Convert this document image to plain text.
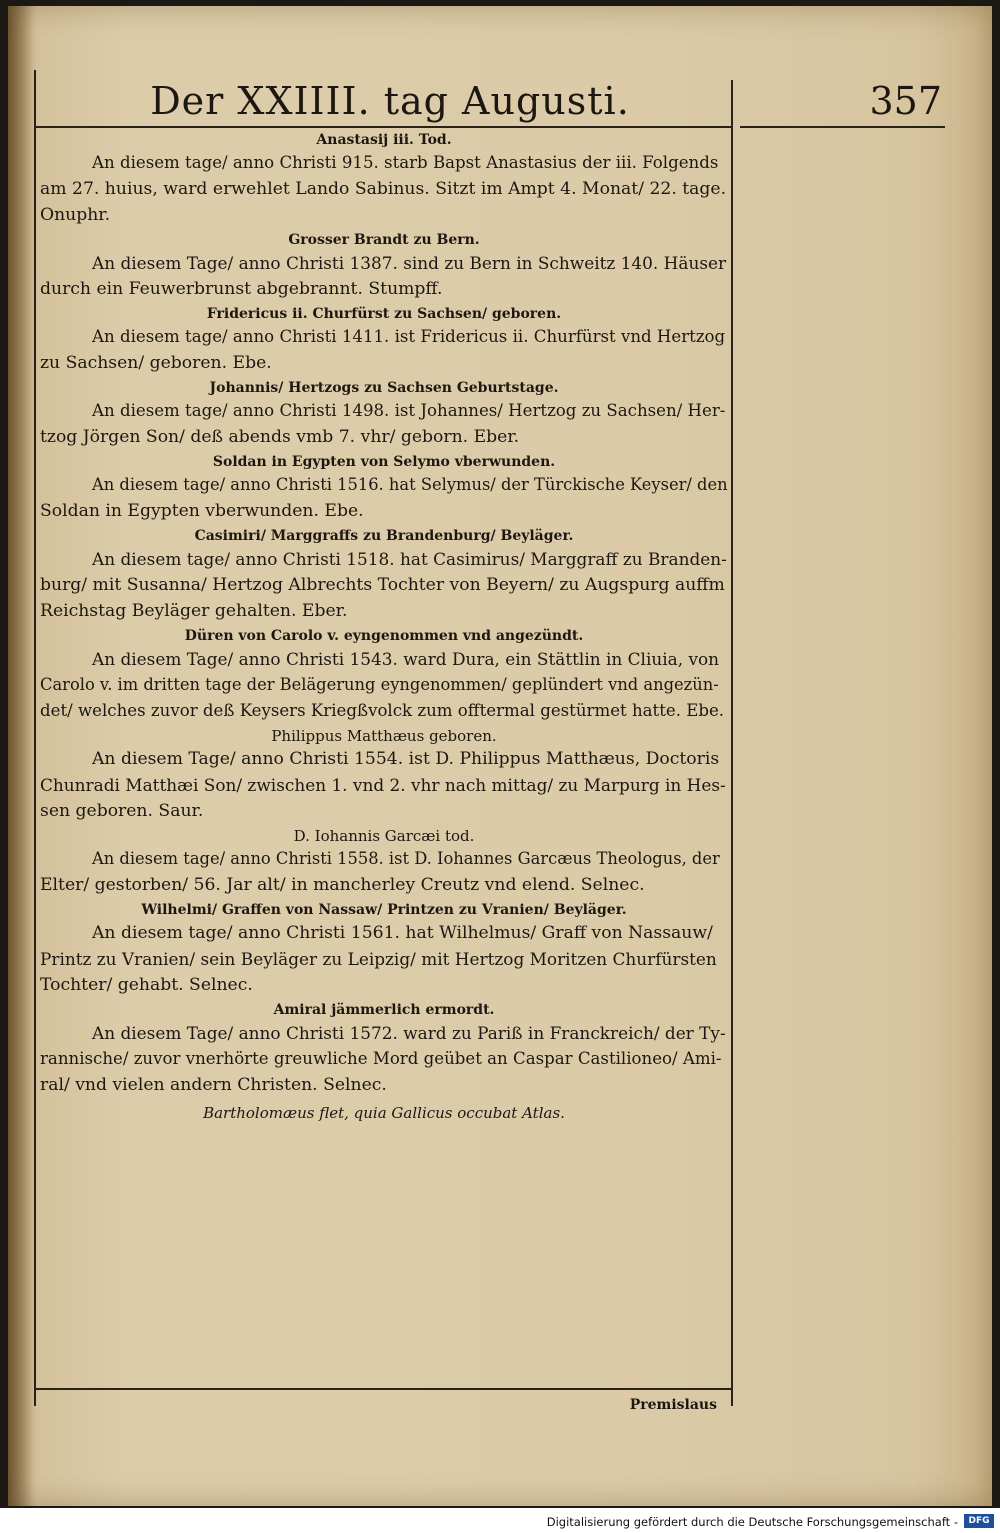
Der XXIIII. tag Augusti.	357
Anastasij iii. Tod.
An diesem tage/ anno Christi 915. starb Bapst Anastasius der iii. Folgends
am 27. huius, ward erwehlet Lando Sabinus. Sitzt im Ampt 4. Monat/ 22. tage.
Onuphr.
Grosser Brandt zu Bern.
An diesem Tage/ anno Christi 1387. sind zu Bern in Schweitz 140. Häuser
durch ein Feuwerbrunst abgebrannt. Stumpff.
Fridericus ii. Churfürst zu Sachsen/ geboren.
An diesem tage/ anno Christi 1411. ist Fridericus ii. Churfürst vnd Hertzog
zu Sachsen/ geboren. Ebe.
Johannis/ Hertzogs zu Sachsen Geburtstage.
An diesem tage/ anno Christi 1498. ist Johannes/ Hertzog zu Sachsen/ Her-
tzog Jörgen Son/ deß abends vmb 7. vhr/ geborn. Eber.
Soldan in Egypten von Selymo vberwunden.
An diesem tage/ anno Christi 1516. hat Selymus/ der Türckische Keyser/ den
Soldan in Egypten vberwunden. Ebe.
Casimiri/ Marggraffs zu Brandenburg/ Beyläger.
An diesem tage/ anno Christi 1518. hat Casimirus/ Marggraff zu Branden-
burg/ mit Susanna/ Hertzog Albrechts Tochter von Beyern/ zu Augspurg auffm
Reichstag Beyläger gehalten. Eber.
Düren von Carolo v. eyngenommen vnd angezündt.
An diesem Tage/ anno Christi 1543. ward Dura, ein Stättlin in Cliuia, von
Carolo v. im dritten tage der Belägerung eyngenommen/ geplündert vnd angezün-
det/ welches zuvor deß Keysers Kriegßvolck zum offtermal gestürmet hatte. Ebe.
Philippus Matthæus geboren.
An diesem Tage/ anno Christi 1554. ist D. Philippus Matthæus, Doctoris
Chunradi Matthæi Son/ zwischen 1. vnd 2. vhr nach mittag/ zu Marpurg in Hes-
sen geboren. Saur.
D. Iohannis Garcæi tod.
An diesem tage/ anno Christi 1558. ist D. Iohannes Garcæus Theologus, der
Elter/ gestorben/ 56. Jar alt/ in mancherley Creutz vnd elend. Selnec.
Wilhelmi/ Graffen von Nassaw/ Printzen zu Vranien/ Beyläger.
An diesem tage/ anno Christi 1561. hat Wilhelmus/ Graff von Nassauw/
Printz zu Vranien/ sein Beyläger zu Leipzig/ mit Hertzog Moritzen Churfürsten
Tochter/ gehabt. Selnec.
Amiral jämmerlich ermordt.
An diesem Tage/ anno Christi 1572. ward zu Pariß in Franckreich/ der Ty-
rannische/ zuvor vnerhörte greuwliche Mord geübet an Caspar Castilioneo/ Ami-
ral/ vnd vielen andern Christen. Selnec.
Bartholomæus flet, quia Gallicus occubat Atlas.
Premislaus
Digitalisierung gefördert durch die Deutsche Forschungsgemeinschaft -	DFG
